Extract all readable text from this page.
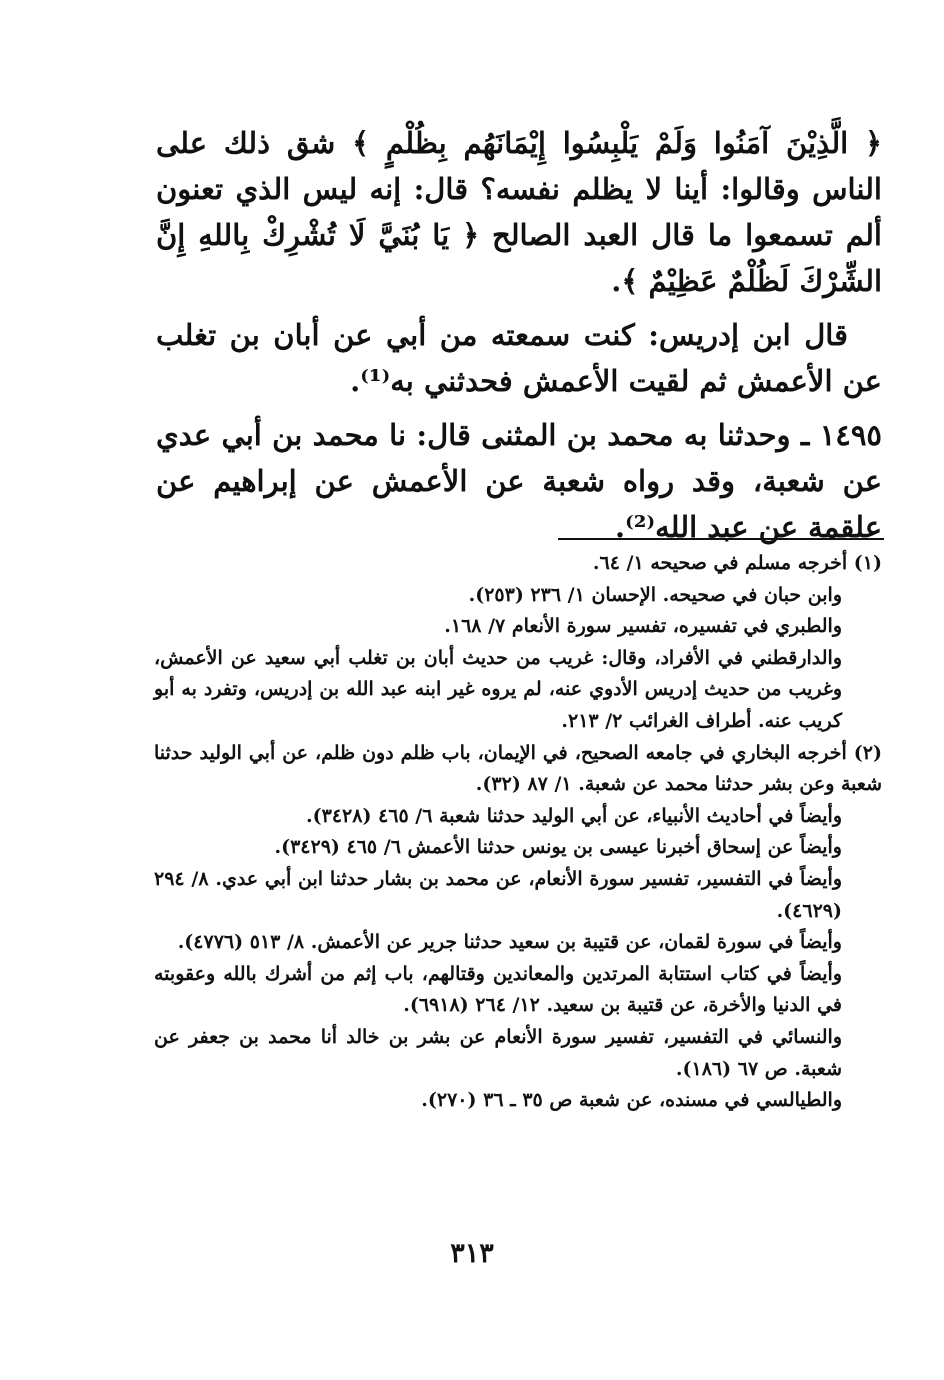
﴿ الَّذِيْنَ آمَنُوا وَلَمْ يَلْبِسُوا إِيْمَانَهُم بِظُلْمٍ ﴾ شق ذلك على الناس وقالوا: أينا لا يظلم نفسه؟ قال: إنه ليس الذي تعنون ألم تسمعوا ما قال العبد الصالح ﴿ يَا بُنَيَّ لَا تُشْرِكْ بِاللهِ إِنَّ الشِّرْكَ لَظُلْمٌ عَظِيْمٌ ﴾.

قال ابن إدريس: كنت سمعته من أبي عن أبان بن تغلب عن الأعمش ثم لقيت الأعمش فحدثني به⁽¹⁾.

١٤٩٥ ـ وحدثنا به محمد بن المثنى قال: نا محمد بن أبي عدي عن شعبة، وقد رواه شعبة عن الأعمش عن إبراهيم عن علقمة عن عبد الله⁽²⁾.

(١) أخرجه مسلم في صحيحه ١/ ٦٤.

وابن حبان في صحيحه. الإحسان ١/ ٢٣٦ (٢٥٣).

والطبري في تفسيره، تفسير سورة الأنعام ٧/ ١٦٨.

والدارقطني في الأفراد، وقال: غريب من حديث أبان بن تغلب أبي سعيد عن الأعمش، وغريب من حديث إدريس الأدوي عنه، لم يروه غير ابنه عبد الله بن إدريس، وتفرد به أبو كريب عنه. أطراف الغرائب ٢/ ٢١٣.

(٢) أخرجه البخاري في جامعه الصحيح، في الإيمان، باب ظلم دون ظلم، عن أبي الوليد حدثنا شعبة وعن بشر حدثنا محمد عن شعبة. ١/ ٨٧ (٣٢).

وأيضاً في أحاديث الأنبياء، عن أبي الوليد حدثنا شعبة ٦/ ٤٦٥ (٣٤٢٨).

وأيضاً عن إسحاق أخبرنا عيسى بن يونس حدثنا الأعمش ٦/ ٤٦٥ (٣٤٢٩).

وأيضاً في التفسير، تفسير سورة الأنعام، عن محمد بن بشار حدثنا ابن أبي عدي. ٨/ ٢٩٤ (٤٦٢٩).

وأيضاً في سورة لقمان، عن قتيبة بن سعيد حدثنا جرير عن الأعمش. ٨/ ٥١٣ (٤٧٧٦).

وأيضاً في كتاب استتابة المرتدين والمعاندين وقتالهم، باب إثم من أشرك بالله وعقوبته في الدنيا والأخرة، عن قتيبة بن سعيد. ١٢/ ٢٦٤ (٦٩١٨).

والنسائي في التفسير، تفسير سورة الأنعام عن بشر بن خالد أنا محمد بن جعفر عن شعبة. ص ٦٧ (١٨٦).

والطيالسي في مسنده، عن شعبة ص ٣٥ ـ ٣٦ (٢٧٠).

٣١٣
